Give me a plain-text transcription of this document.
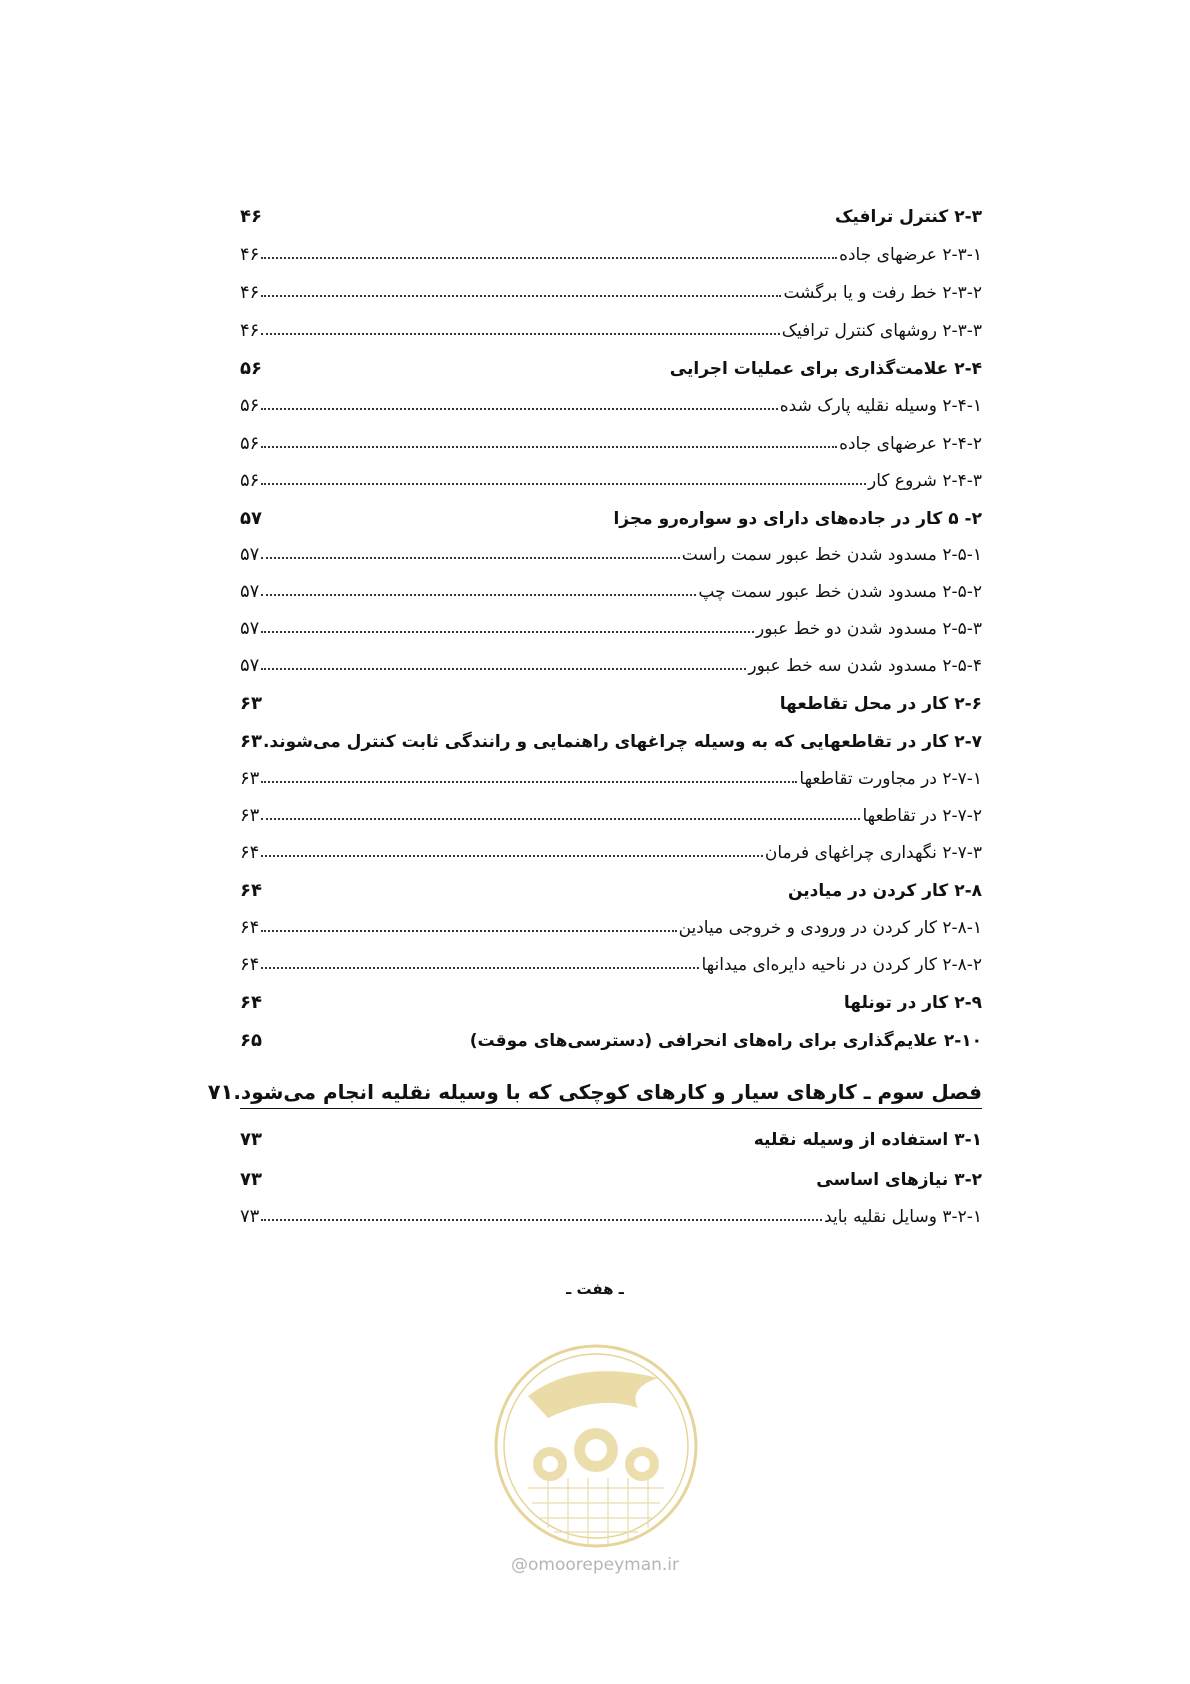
۲-۳ کنترل ترافیک
۴۶
۲-۳-۱ عرضهای جاده
۴۶
۲-۳-۲ خط رفت و یا برگشت
۴۶
۲-۳-۳ روشهای کنترل ترافیک
۴۶
۲-۴ علامت‌گذاری برای عملیات اجرایی
۵۶
۲-۴-۱ وسیله نقلیه پارک شده
۵۶
۲-۴-۲ عرضهای جاده
۵۶
۲-۴-۳ شروع کار
۵۶
۲- ۵ کار در جاده‌های دارای دو سواره‌رو مجزا
۵۷
۲-۵-۱ مسدود شدن خط عبور سمت راست
۵۷
۲-۵-۲ مسدود شدن خط عبور سمت چپ
۵۷
۲-۵-۳ مسدود شدن دو خط عبور
۵۷
۲-۵-۴ مسدود شدن سه خط عبور
۵۷
۲-۶ کار در محل تقاطعها
۶۳
۲-۷ کار در تقاطعهایی که به وسیله چراغهای راهنمایی و رانندگی ثابت کنترل می‌شوند.
۶۳
۲-۷-۱ در مجاورت تقاطعها
۶۳
۲-۷-۲ در تقاطعها
۶۳
۲-۷-۳ نگهداری چراغهای فرمان
۶۴
۲-۸ کار کردن در میادین
۶۴
۲-۸-۱ کار کردن در ورودی و خروجی میادین
۶۴
۲-۸-۲ کار کردن در ناحیه دایره‌ای میدانها
۶۴
۲-۹ کار در تونلها
۶۴
۲-۱۰ علایم‌گذاری برای راه‌های انحرافی (دسترسی‌های موقت)
۶۵
فصل سوم ـ کارهای سیار و کارهای کوچکی که با وسیله نقلیه انجام می‌شود.
۷۱
۳-۱ استفاده از وسیله نقلیه
۷۳
۳-۲ نیازهای اساسی
۷۳
۳-۲-۱ وسایل نقلیه باید
۷۳
ـ هفت ـ
@omoorepeyman.ir
